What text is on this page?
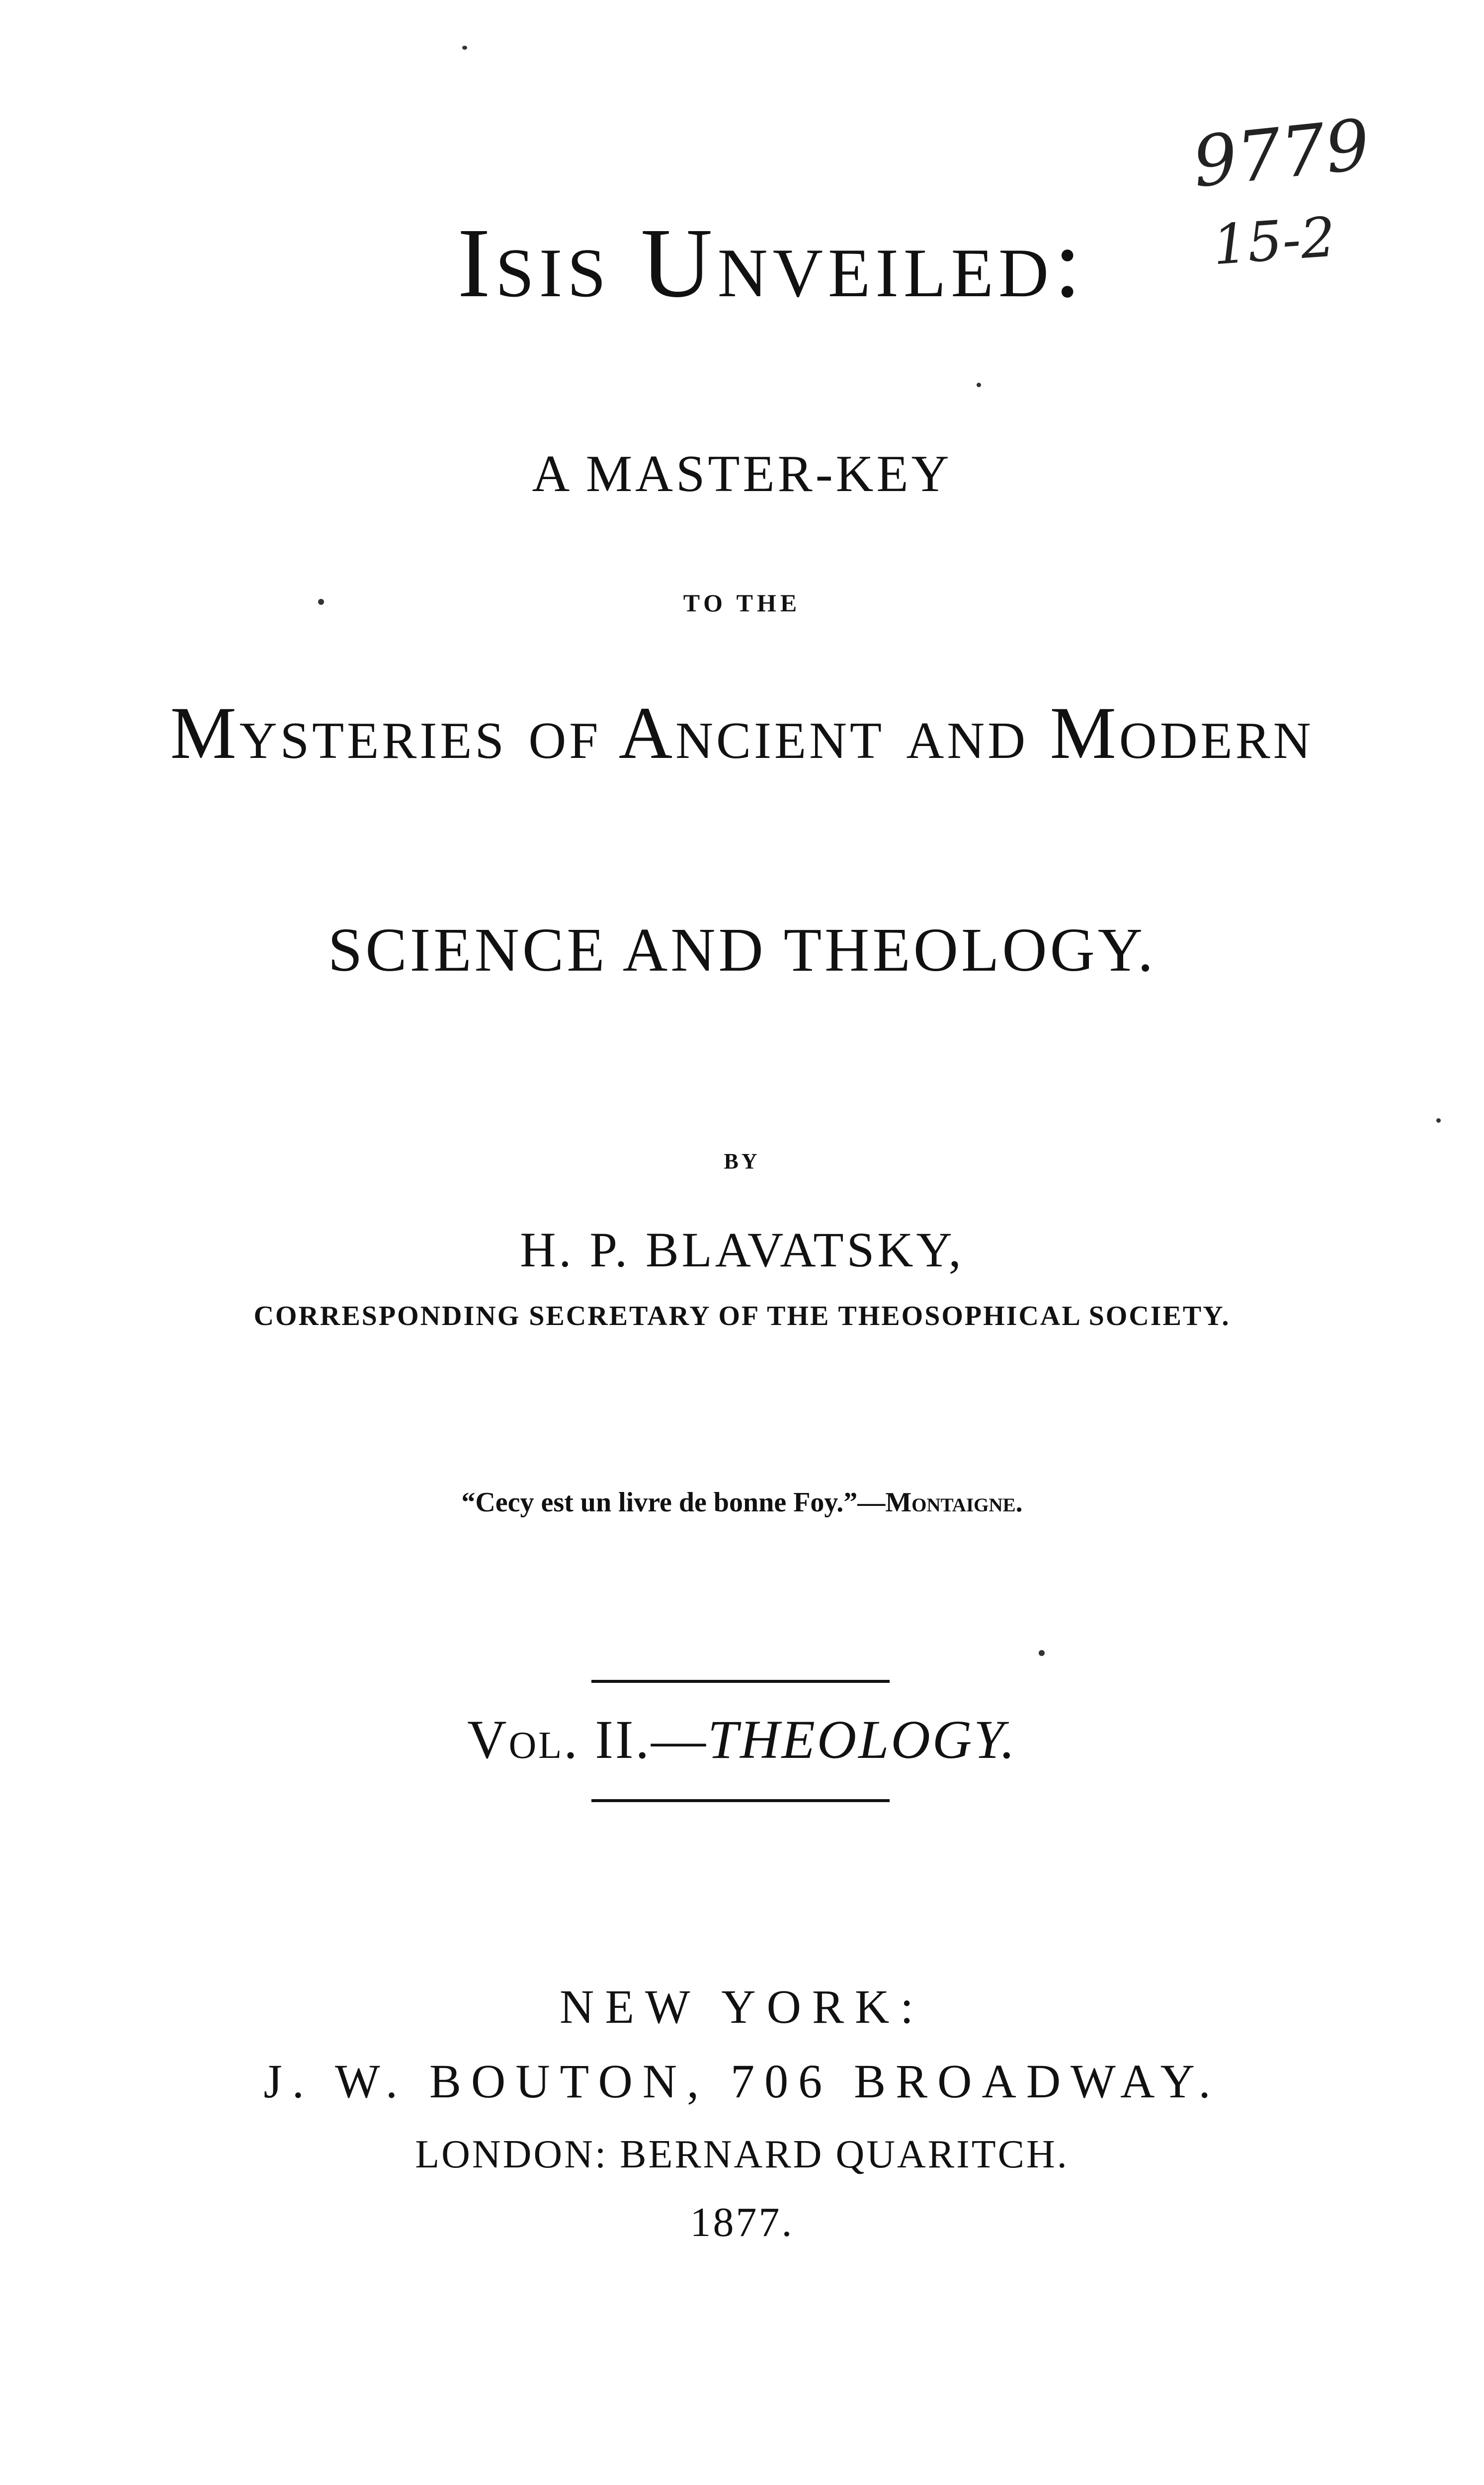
9779
15-2
Isis Unveiled:
A MASTER-KEY
TO THE
Mysteries of Ancient and Modern
SCIENCE AND THEOLOGY.
BY
H. P. BLAVATSKY,
CORRESPONDING SECRETARY OF THE THEOSOPHICAL SOCIETY.
“Cecy est un livre de bonne Foy.”—Montaigne.
Vol. II.—THEOLOGY.
NEW YORK:
J. W. BOUTON, 706 BROADWAY.
LONDON: BERNARD QUARITCH.
1877.
